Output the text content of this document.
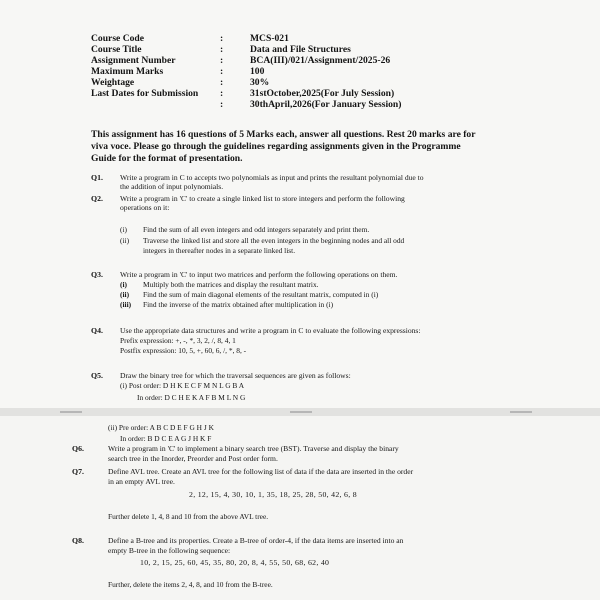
Course Code	:	MCS-021
Course Title	:	Data and File Structures
Assignment Number	:	BCA(III)/021/Assignment/2025-26
Maximum Marks	:	100
Weightage	:	30%
Last Dates for Submission :	31stOctober,2025(For July Session)
:	30thApril,2026(For January Session)
This assignment has 16 questions of 5 Marks each, answer all questions. Rest 20 marks are for
viva voce. Please go through the guidelines regarding assignments given in the Programme
Guide for the format of presentation.
Q1. Write a program in C to accepts two polynomials as input and prints the resultant polynomial due to
the addition of input polynomials.
Q2. Write a program in 'C' to create a single linked list to store integers and perform the following
operations on it:
(i) Find the sum of all even integers and odd integers separately and print them.
(ii) Traverse the linked list and store all the even integers in the beginning nodes and all odd
integers in thereafter nodes in a separate linked list.
Q3. Write a program in 'C' to input two matrices and perform the following operations on them.
(i) Multiply both the matrices and display the resultant matrix.
(ii) Find the sum of main diagonal elements of the resultant matrix, computed in (i)
(iii) Find the inverse of the matrix obtained after multiplication in (i)
Q4. Use the appropriate data structures and write a program in C to evaluate the following expressions:
Prefix expression: +, -, *, 3, 2, /, 8, 4, 1
Postfix expression: 10, 5, +, 60, 6, /, *, 8, -
Q5. Draw the binary tree for which the traversal sequences are given as follows:
(i) Post order: D H K E C F M N L G B A
In order: D C H E K A F B M L N G
(ii) Pre order: A B C D E F G H J K
In order: B D C E A G J H K F
Q6.	Write a program in 'C' to implement a binary search tree (BST). Traverse and display the binary
search tree in the Inorder, Preorder and Post order form.
Q7.	Define AVL tree. Create an AVL tree for the following list of data if the data are inserted in the order
in an empty AVL tree.
2, 12, 15, 4, 30, 10, 1, 35, 18, 25, 28, 50, 42, 6, 8
Further delete 1, 4, 8 and 10 from the above AVL tree.
Q8.	Define a B-tree and its properties. Create a B-tree of order-4, if the data items are inserted into an
empty B-tree in the following sequence:
10, 2, 15, 25, 60, 45, 35, 80, 20, 8, 4, 55, 50, 68, 62, 40
Further, delete the items 2, 4, 8, and 10 from the B-tree.
